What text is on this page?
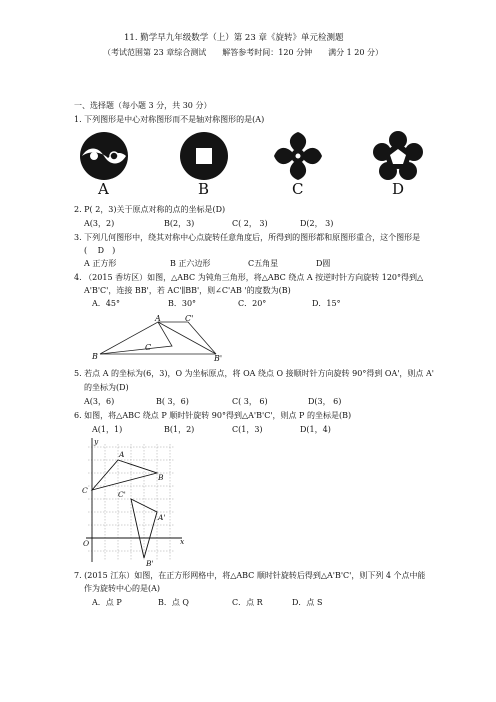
11. 勤学早九年级数学（上）第 23 章《旋转》单元检测题
（考试范围第 23 章综合测试　　解答参考时间：120 分钟　　满分 1 20 分）
一、选择题（每小题 3 分，共 30 分）
1. 下列图形是中心对称图形而不是轴对称图形的是(A)
A	B	C	D
2. P( 2，3)关于原点对称的点的坐标是(D)
A(3，2)	B(2，3)	C( 2， 3)	D(2， 3)
3. 下列几何图形中，绕其对称中心点旋转任意角度后，所得到的图形都和原图形重合，这个图形是
(　 D　)
A 正方形	B 正六边形	C五角星	D圆
4. （2015 香坊区）如图，△ABC 为钝角三角形，将△ABC 绕点 A 按逆时针方向旋转 120°得到△
A'B'C'，连接 BB'，若 AC'∥BB'，则∠C'AB '的度数为(B)
A．45°	B．30°	C．20°	D．15°
A	C'
C
B	B'
5. 若点 A 的坐标为(6，3)，O 为坐标原点，将 OA 绕点 O 接顺时针方向旋转 90°得到 OA'，则点 A'
的坐标为(D)
A(3，6)	B( 3，6)	C( 3， 6)	D(3， 6)
6. 如图，将△ABC 绕点 P 顺时针旋转 90°得到△A'B'C'，则点 P 的坐标是(B)
A(1，1)	B(1，2)	C(1，3)	D(1，4)
y
x
O
A
B
C	C'
A'
B'
7. (2015 江东）如图，在正方形网格中，将△ABC 顺时针旋转后得到△A'B'C'，则下列 4 个点中能
作为旋转中心的是(A)
A．点 P	B．点 Q	C．点 R	D．点 S
